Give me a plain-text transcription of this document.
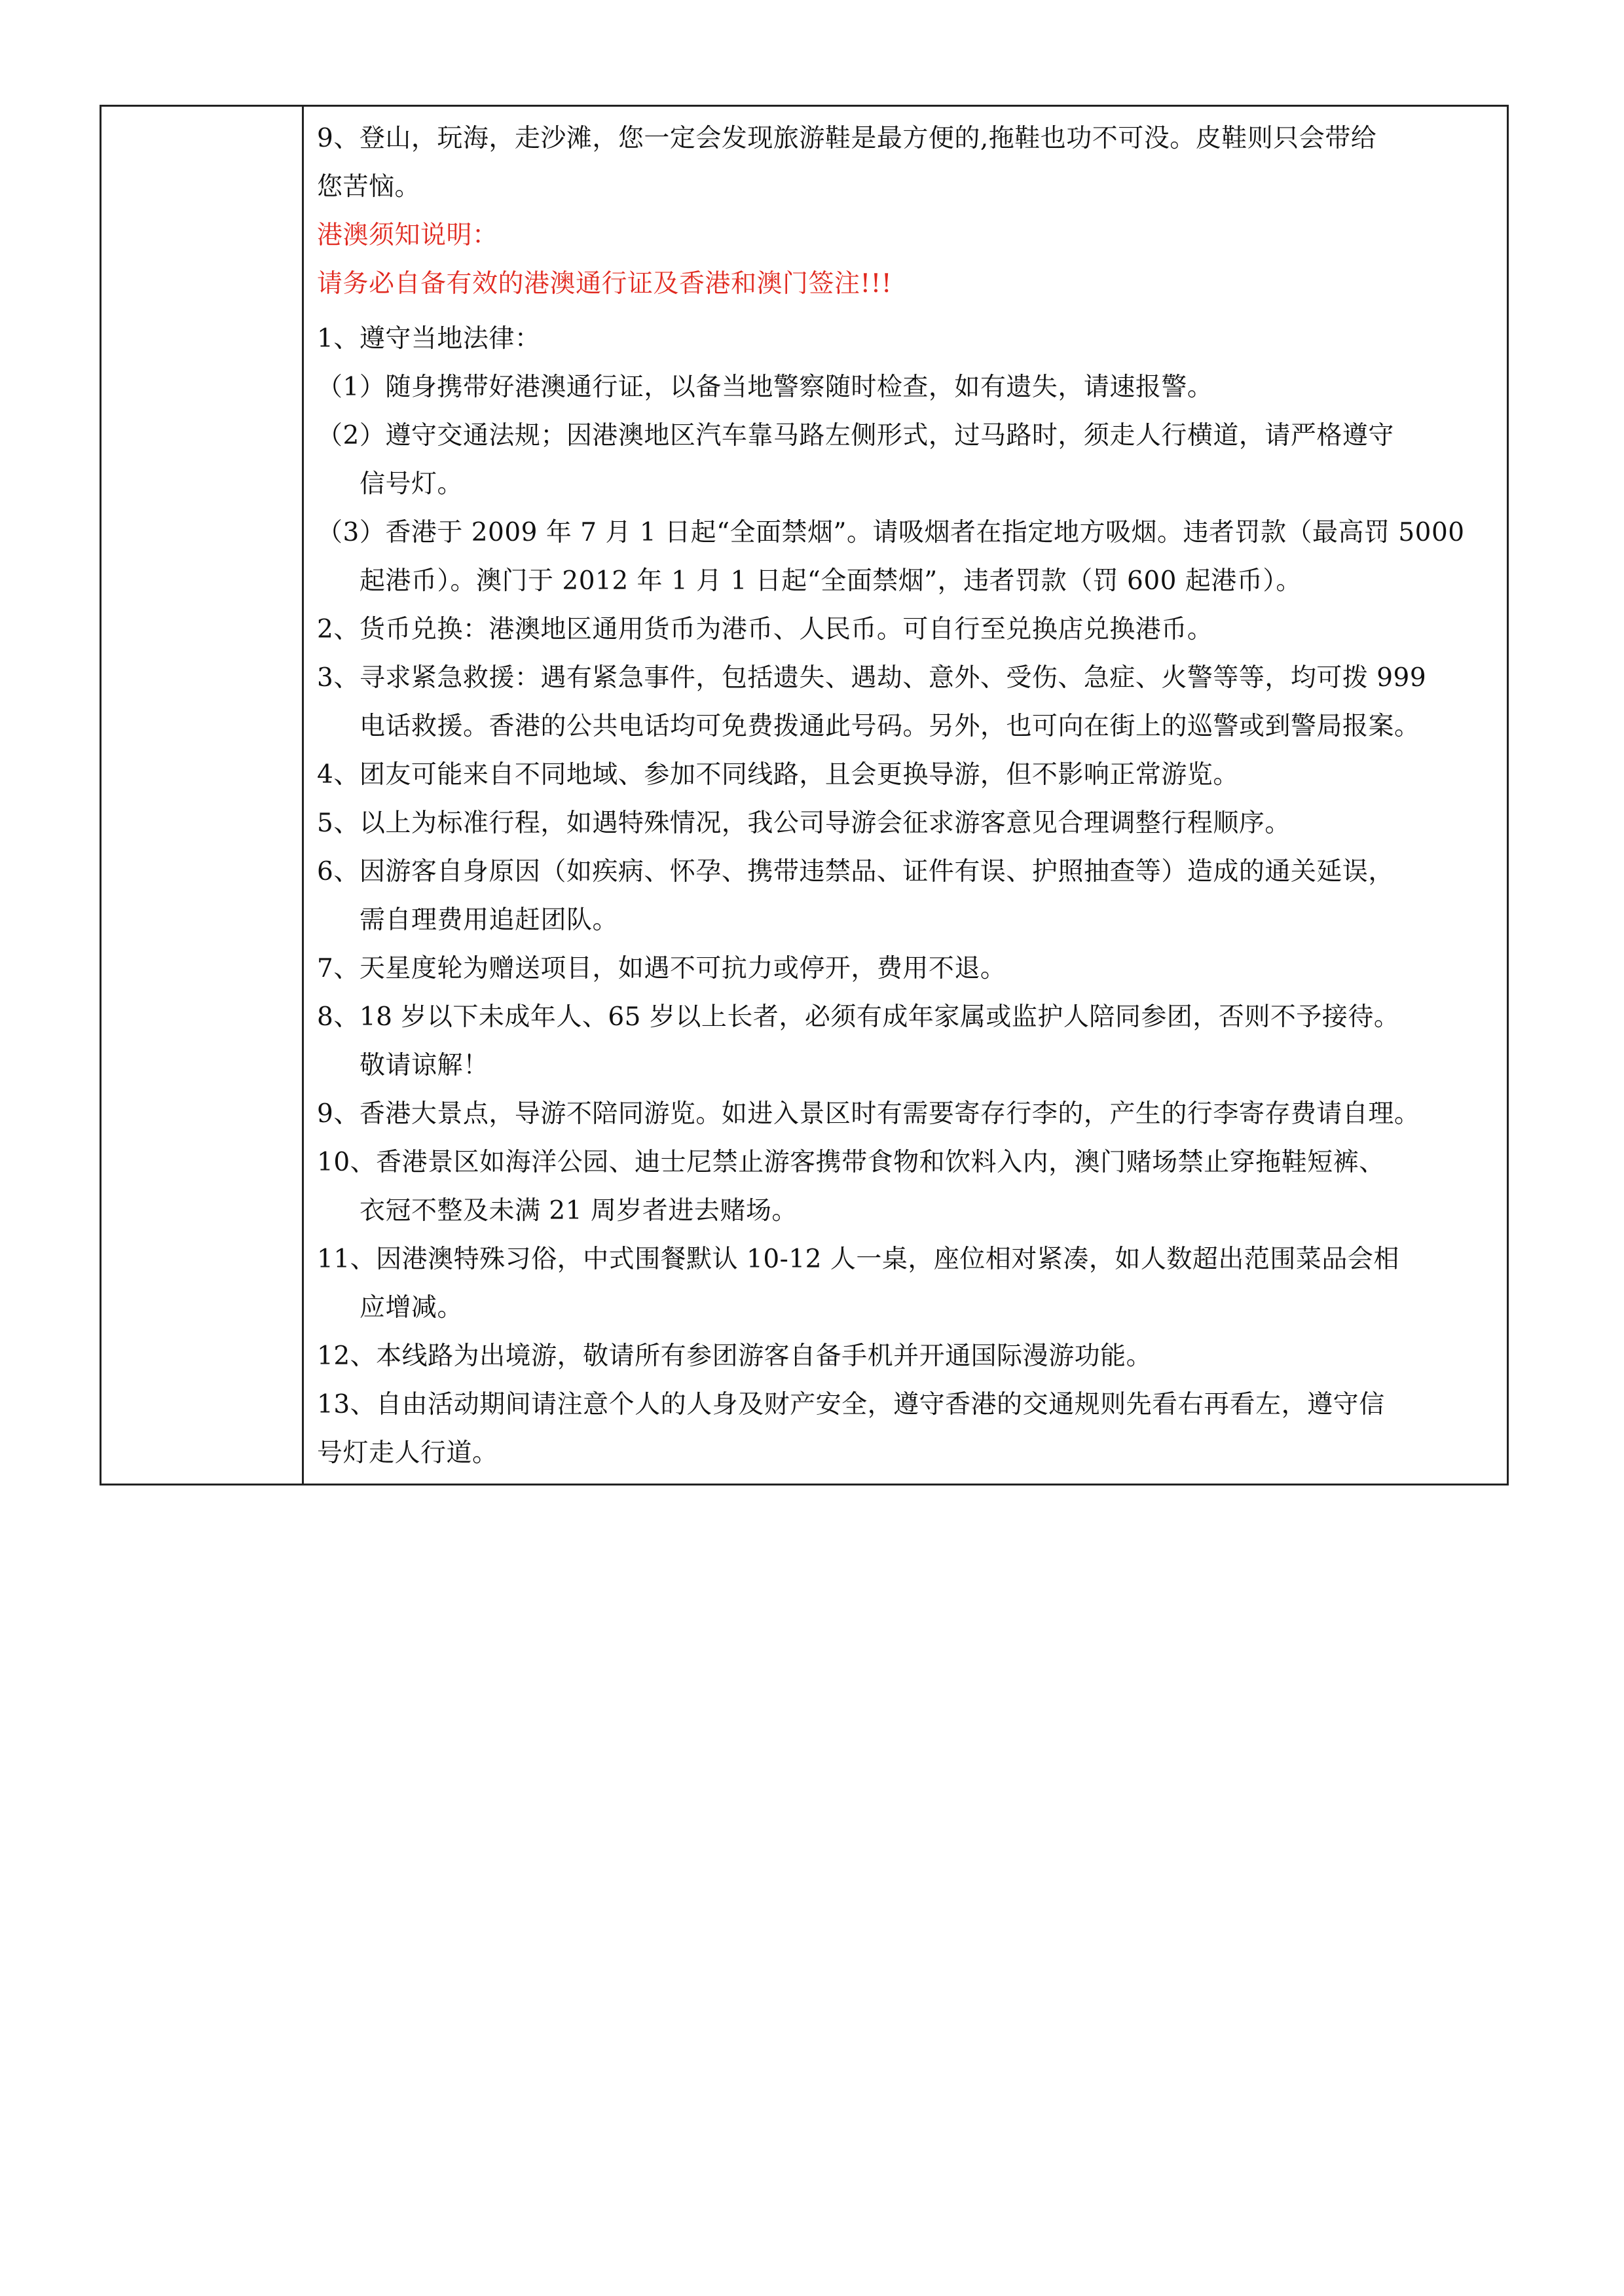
9、登山，玩海，走沙滩，您一定会发现旅游鞋是最方便的,拖鞋也功不可没。皮鞋则只会带给
您苦恼。
港澳须知说明：
请务必自备有效的港澳通行证及香港和澳门签注!!!
1、遵守当地法律：
（1）随身携带好港澳通行证，以备当地警察随时检查，如有遗失，请速报警。
（2）遵守交通法规；因港澳地区汽车靠马路左侧形式，过马路时，须走人行横道，请严格遵守
信号灯。
（3）香港于 2009 年 7 月 1 日起“全面禁烟”。请吸烟者在指定地方吸烟。违者罚款（最高罚 5000
起港币）。澳门于 2012 年 1 月 1 日起“全面禁烟”，违者罚款（罚 600 起港币）。
2、货币兑换：港澳地区通用货币为港币、人民币。可自行至兑换店兑换港币。
3、寻求紧急救援：遇有紧急事件，包括遗失、遇劫、意外、受伤、急症、火警等等，均可拨 999
电话救援。香港的公共电话均可免费拨通此号码。另外，也可向在街上的巡警或到警局报案。
4、团友可能来自不同地域、参加不同线路，且会更换导游，但不影响正常游览。
5、以上为标准行程，如遇特殊情况，我公司导游会征求游客意见合理调整行程顺序。
6、因游客自身原因（如疾病、怀孕、携带违禁品、证件有误、护照抽查等）造成的通关延误，
需自理费用追赶团队。
7、天星度轮为赠送项目，如遇不可抗力或停开，费用不退。
8、18 岁以下未成年人、65 岁以上长者，必须有成年家属或监护人陪同参团，否则不予接待。
敬请谅解！
9、香港大景点，导游不陪同游览。如进入景区时有需要寄存行李的，产生的行李寄存费请自理。
10、香港景区如海洋公园、迪士尼禁止游客携带食物和饮料入内，澳门赌场禁止穿拖鞋短裤、
衣冠不整及未满 21 周岁者进去赌场。
11、因港澳特殊习俗，中式围餐默认 10-12 人一桌，座位相对紧凑，如人数超出范围菜品会相
应增减。
12、本线路为出境游，敬请所有参团游客自备手机并开通国际漫游功能。
13、自由活动期间请注意个人的人身及财产安全，遵守香港的交通规则先看右再看左，遵守信
号灯走人行道。
